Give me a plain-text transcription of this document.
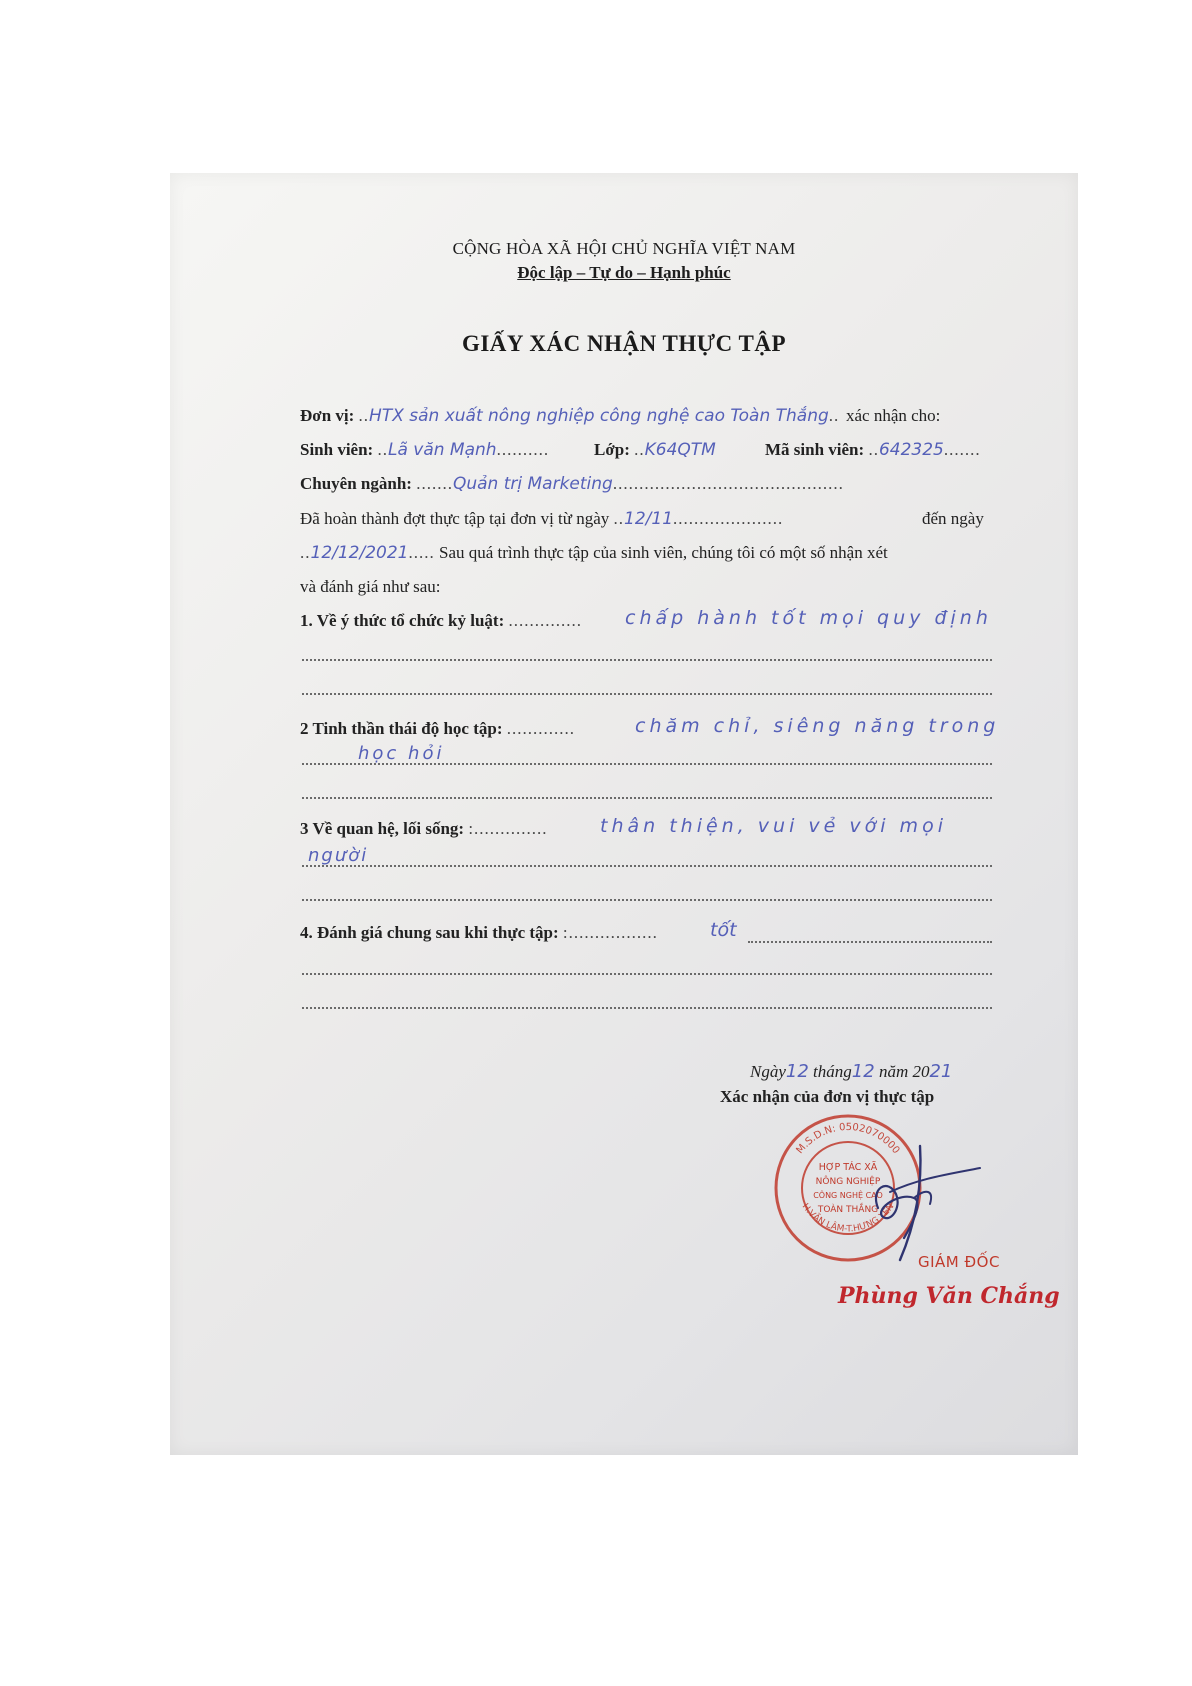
CỘNG HÒA XÃ HỘI CHỦ NGHĨA VIỆT NAM
Độc lập – Tự do – Hạnh phúc
GIẤY XÁC NHẬN THỰC TẬP
Đơn vị: ..HTX sản xuất nông nghiệp công nghệ cao Toàn Thắng.. xác nhận cho:
Sinh viên: ..Lã văn Mạnh..........	Lớp: ..K64QTM	Mã sinh viên: ..642325.......
Chuyên ngành: .......Quản trị Marketing............................................
Đã hoàn thành đợt thực tập tại đơn vị từ ngày ..12/11.....................	đến ngày
..12/12/2021..... Sau quá trình thực tập của sinh viên, chúng tôi có một số nhận xét
và đánh giá như sau:
1. Về ý thức tổ chức kỷ luật: .............. chấp hành tốt mọi quy định
2 Tinh thần thái độ học tập: .............	chăm chỉ, siêng năng trong
học hỏi
3 Về quan hệ, lối sống: :..............	thân thiện, vui vẻ với mọi
người
4. Đánh giá chung sau khi thực tập: :.................	tốt
Ngày12 tháng12 năm 2021
Xác nhận của đơn vị thực tập
M.S.D.N: 0502070000
H.VĂN LÂM-T.HƯNG YÊN
HỢP TÁC XÃ
NÔNG NGHIỆP
CÔNG NGHỆ CAO
TOÀN THẮNG
GIÁM ĐỐC
Phùng Văn Chắng
